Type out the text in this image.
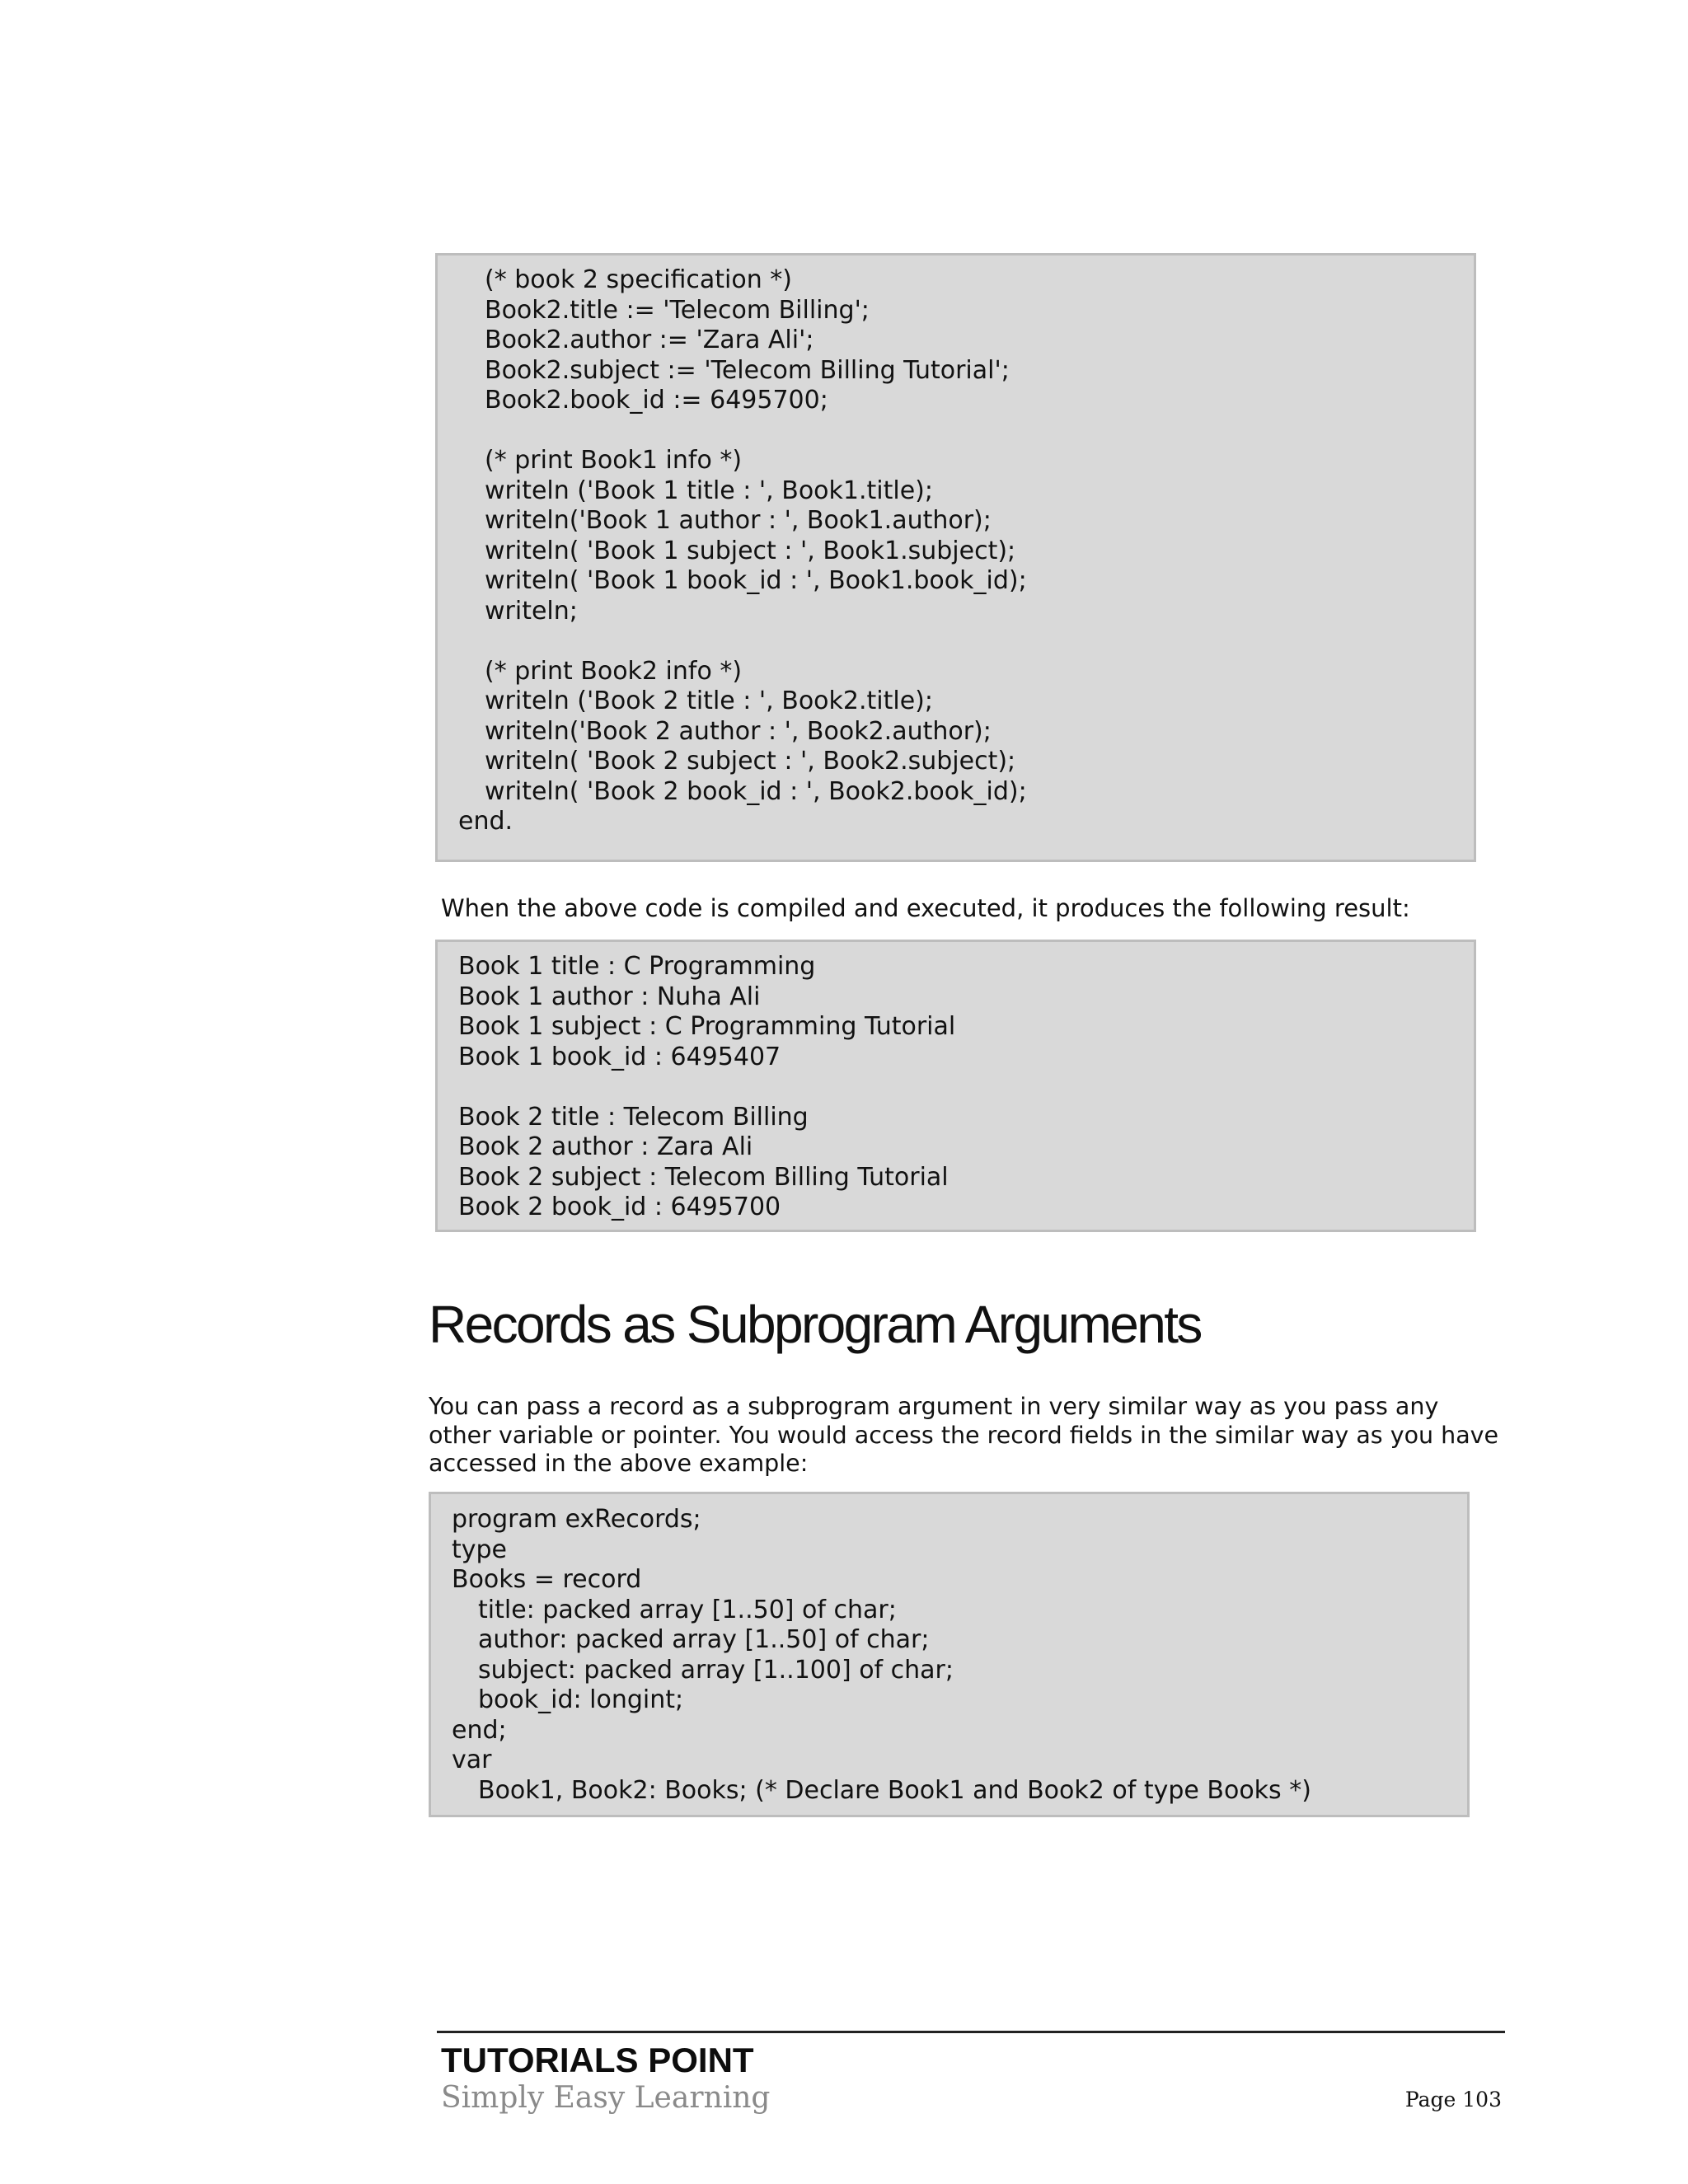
(* book 2 specification *)
Book2.title := 'Telecom Billing';
Book2.author := 'Zara Ali';
Book2.subject := 'Telecom Billing Tutorial';
Book2.book_id := 6495700;
(* print Book1 info *)
writeln ('Book 1 title : ', Book1.title);
writeln('Book 1 author : ', Book1.author);
writeln( 'Book 1 subject : ', Book1.subject);
writeln( 'Book 1 book_id : ', Book1.book_id);
writeln;
(* print Book2 info *)
writeln ('Book 2 title : ', Book2.title);
writeln('Book 2 author : ', Book2.author);
writeln( 'Book 2 subject : ', Book2.subject);
writeln( 'Book 2 book_id : ', Book2.book_id);
end.

When the above code is compiled and executed, it produces the following result:

Book 1 title : C Programming
Book 1 author : Nuha Ali
Book 1 subject : C Programming Tutorial
Book 1 book_id : 6495407
Book 2 title : Telecom Billing
Book 2 author : Zara Ali
Book 2 subject : Telecom Billing Tutorial
Book 2 book_id : 6495700
Records as Subprogram Arguments

You can pass a record as a subprogram argument in very similar way as you pass any
other variable or pointer. You would access the record fields in the similar way as you have
accessed in the above example:

program exRecords;
type
Books = record
title: packed array [1..50] of char;
author: packed array [1..50] of char;
subject: packed array [1..100] of char;
book_id: longint;
end;
var
Book1, Book2: Books; (* Declare Book1 and Book2 of type Books *)

TUTORIALS POINT

Simply Easy Learning	Page 103
